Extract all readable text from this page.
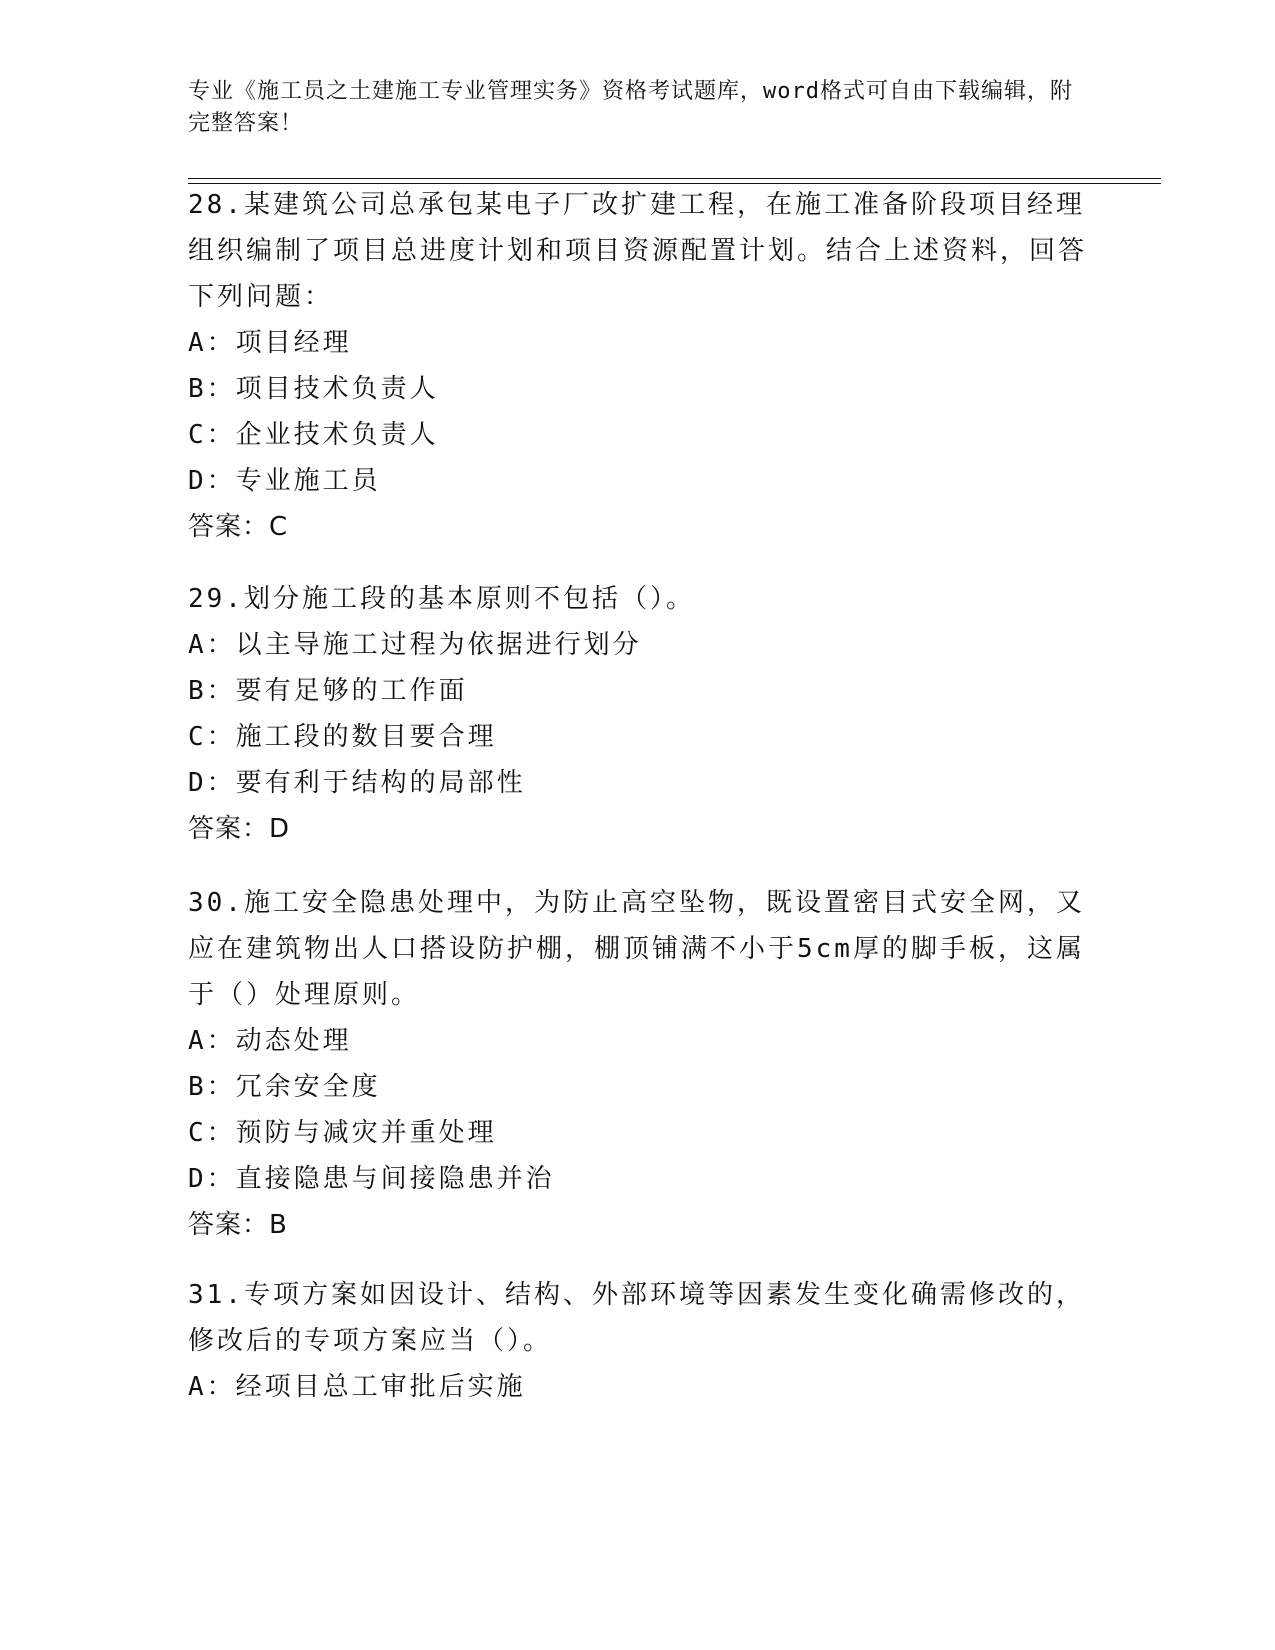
专业《施工员之土建施工专业管理实务》资格考试题库，word格式可自由下载编辑，附完整答案！

28.某建筑公司总承包某电子厂改扩建工程，在施工准备阶段项目经理组织编制了项目总进度计划和项目资源配置计划。结合上述资料，回答下列问题：

A：项目经理

B：项目技术负责人

C：企业技术负责人

D：专业施工员

答案：C

29.划分施工段的基本原则不包括（）。

A：以主导施工过程为依据进行划分

B：要有足够的工作面

C：施工段的数目要合理

D：要有利于结构的局部性

答案：D

30.施工安全隐患处理中，为防止高空坠物，既设置密目式安全网，又应在建筑物出人口搭设防护棚，棚顶铺满不小于5cm厚的脚手板，这属于（）处理原则。

A：动态处理

B：冗余安全度

C：预防与减灾并重处理

D：直接隐患与间接隐患并治

答案：B

31.专项方案如因设计、结构、外部环境等因素发生变化确需修改的，修改后的专项方案应当（）。

A：经项目总工审批后实施
